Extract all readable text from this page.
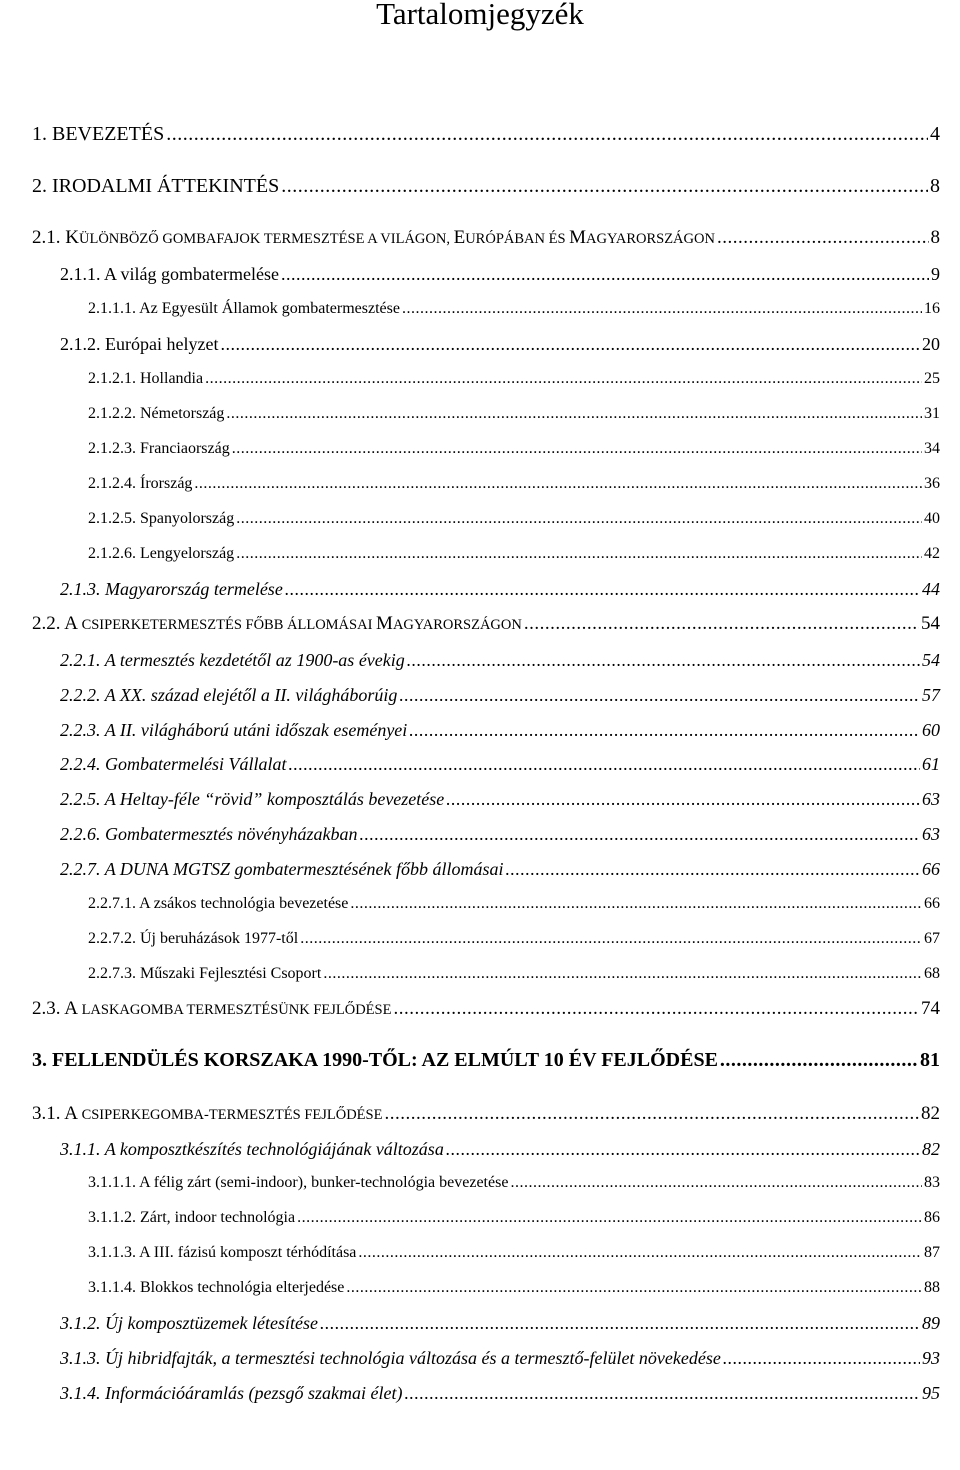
Tartalomjegyzék
1. BEVEZETÉS .....	4
2. IRODALMI ÁTTEKINTÉS .....	8
2.1. KÜLÖNBÖZŐ GOMBAFAJOK TERMESZTÉSE A VILÁGON, EURÓPÁBAN ÉS MAGYARORSZÁGON .....	8
2.1.1. A világ gombatermelése .....	9
2.1.1.1. Az Egyesült Államok gombatermesztése .....	16
2.1.2. Európai helyzet .....	20
2.1.2.1. Hollandia .....	25
2.1.2.2. Németország .....	31
2.1.2.3. Franciaország .....	34
2.1.2.4. Írország .....	36
2.1.2.5. Spanyolország .....	40
2.1.2.6. Lengyelország .....	42
2.1.3. Magyarország termelése .....	44
2.2. A CSIPERKETERMESZTÉS FŐBB ÁLLOMÁSAI MAGYARORSZÁGON .....	54
2.2.1. A termesztés kezdetétől az 1900-as évekig .....	54
2.2.2. A XX. század elejétől a II. világháborúig .....	57
2.2.3. A II. világháború utáni időszak eseményei .....	60
2.2.4. Gombatermelési Vállalat .....	61
2.2.5. A Heltay-féle “rövid” komposztálás bevezetése .....	63
2.2.6. Gombatermesztés növényházakban .....	63
2.2.7. A DUNA MGTSZ gombatermesztésének főbb állomásai .....	66
2.2.7.1. A zsákos technológia bevezetése .....	66
2.2.7.2. Új beruházások 1977-től .....	67
2.2.7.3. Műszaki Fejlesztési Csoport .....	68
2.3. A LASKAGOMBA TERMESZTÉSÜNK FEJLŐDÉSE .....	74
3. FELLENDÜLÉS KORSZAKA 1990-TŐL: AZ ELMÚLT 10 ÉV FEJLŐDÉSE .....	81
3.1. A CSIPERKEGOMBA-TERMESZTÉS FEJLŐDÉSE .....	82
3.1.1. A komposztkészítés technológiájának változása .....	82
3.1.1.1. A félig zárt (semi-indoor), bunker-technológia bevezetése .....	83
3.1.1.2. Zárt, indoor technológia .....	86
3.1.1.3. A III. fázisú komposzt térhódítása .....	87
3.1.1.4. Blokkos technológia elterjedése .....	88
3.1.2. Új komposztüzemek létesítése .....	89
3.1.3. Új hibridfajták, a termesztési technológia változása és a termesztő-felület növekedése .....	93
3.1.4. Információáramlás (pezsgő szakmai élet) .....	95
